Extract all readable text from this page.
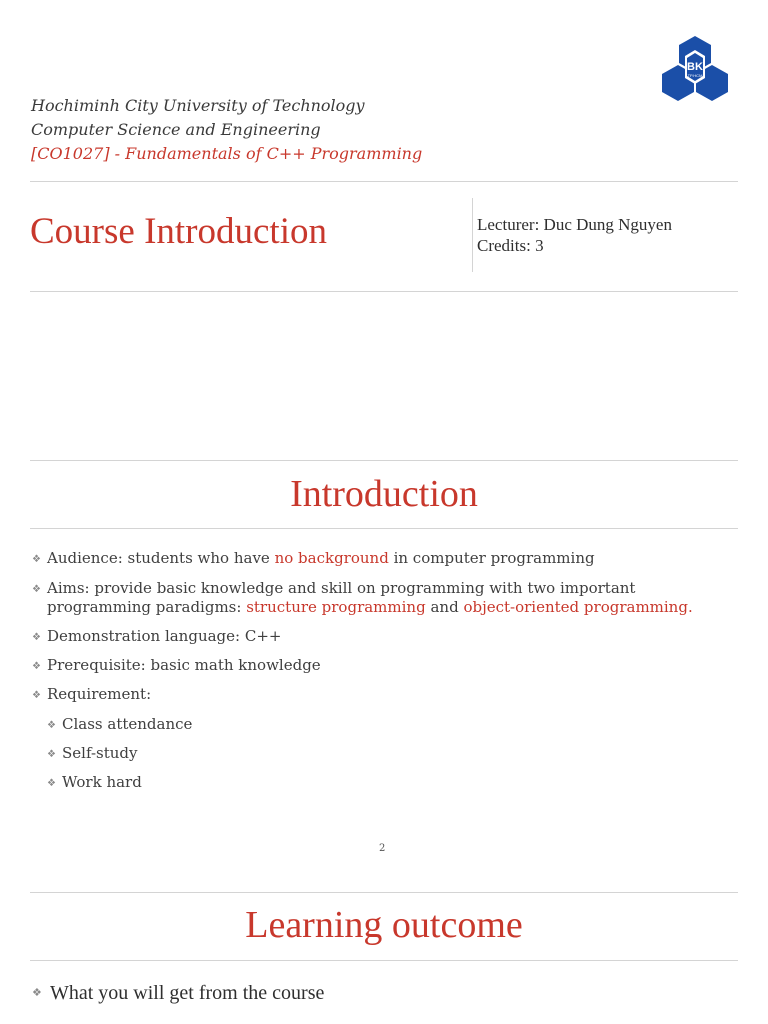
Hochiminh City University of Technology
Computer Science and Engineering
[CO1027] - Fundamentals of C++ Programming
BK
TP.HCM
Course Introduction	Lecturer: Duc Dung Nguyen
Credits: 3
Introduction
❖ Audience: students who have no background in computer programming
❖ Aims: provide basic knowledge and skill on programming with two important programming paradigms: structure programming and object-oriented programming.
❖ Demonstration language: C++
❖ Prerequisite: basic math knowledge
❖ Requirement:
❖ Class attendance
❖ Self-study
❖ Work hard
2
Learning outcome
❖ What you will get from the course
